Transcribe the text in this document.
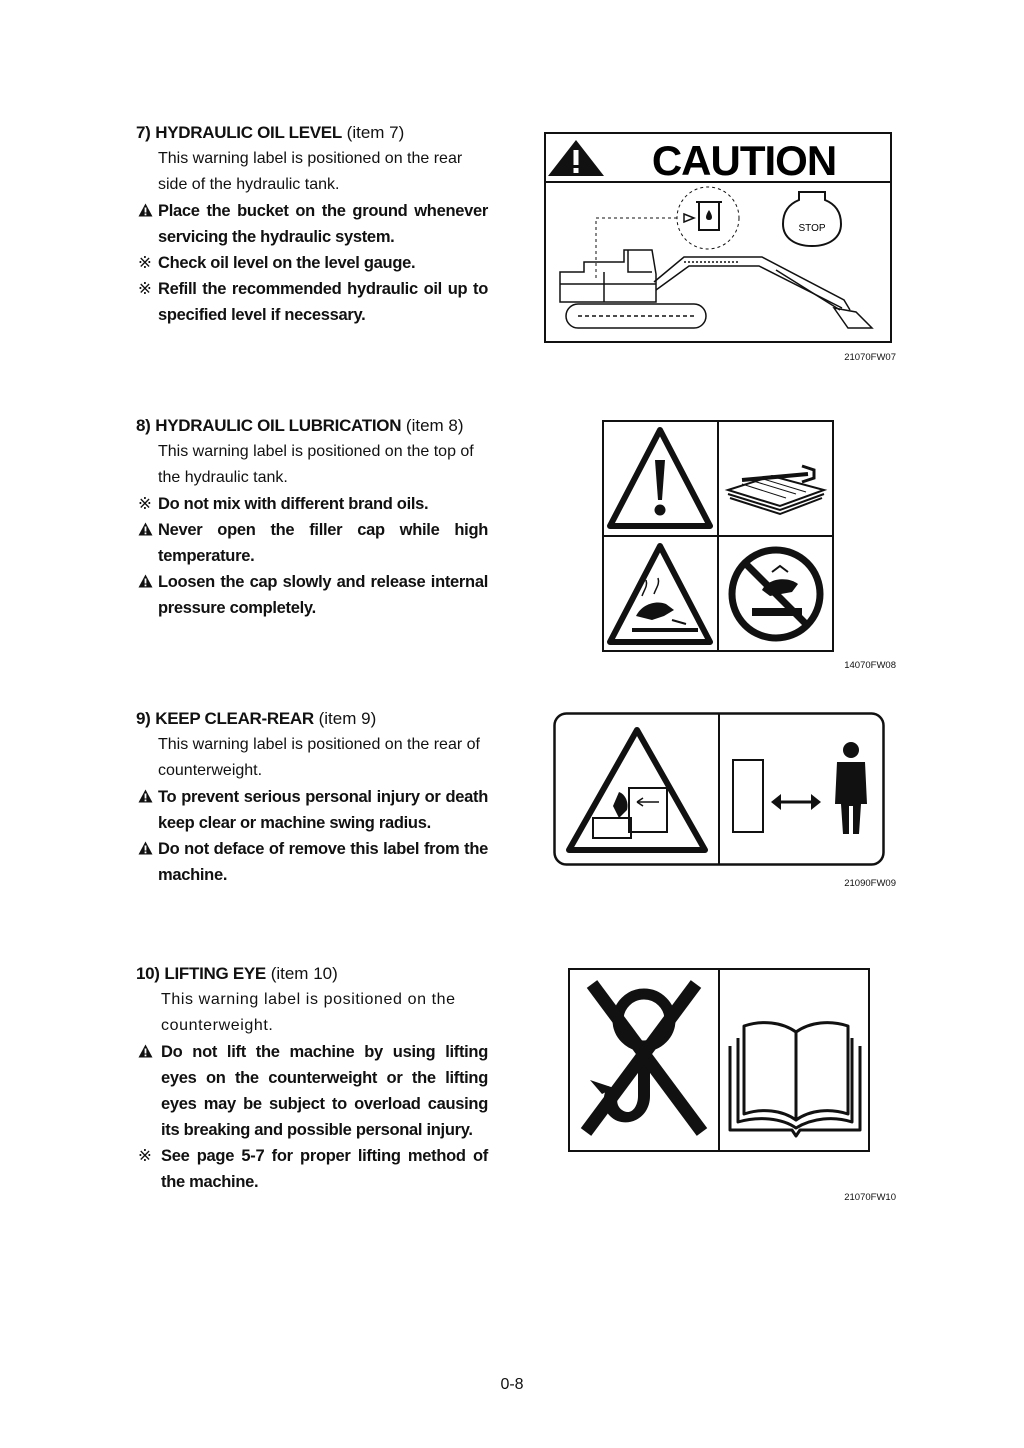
7) HYDRAULIC OIL LEVEL (item 7)
This warning label is positioned on the rear side of the hydraulic tank.
Place the bucket on the ground whenever servicing the hydraulic system.
※ Check oil level on the level gauge.
※ Refill the recommended hydraulic oil up to specified level if necessary.
CAUTION
STOP
21070FW07
8) HYDRAULIC OIL LUBRICATION (item 8)
This warning label is positioned on the top of the hydraulic tank.
※ Do not mix with different brand oils.
Never open the filler cap while high temperature.
Loosen the cap slowly and release internal pressure completely.
14070FW08
9) KEEP CLEAR-REAR (item 9)
This warning label is positioned on the rear of counterweight.
To prevent serious personal injury or death keep clear or machine swing radius.
Do not deface of remove this label from the machine.	21090FW09
10) LIFTING EYE (item 10)
This warning label is positioned on the counterweight.
Do not lift the machine by using lifting eyes on the counterweight or the lifting eyes may be subject to overload causing its breaking and possible personal injury.
※ See page 5-7 for proper lifting method of the machine.
21070FW10
0-8
